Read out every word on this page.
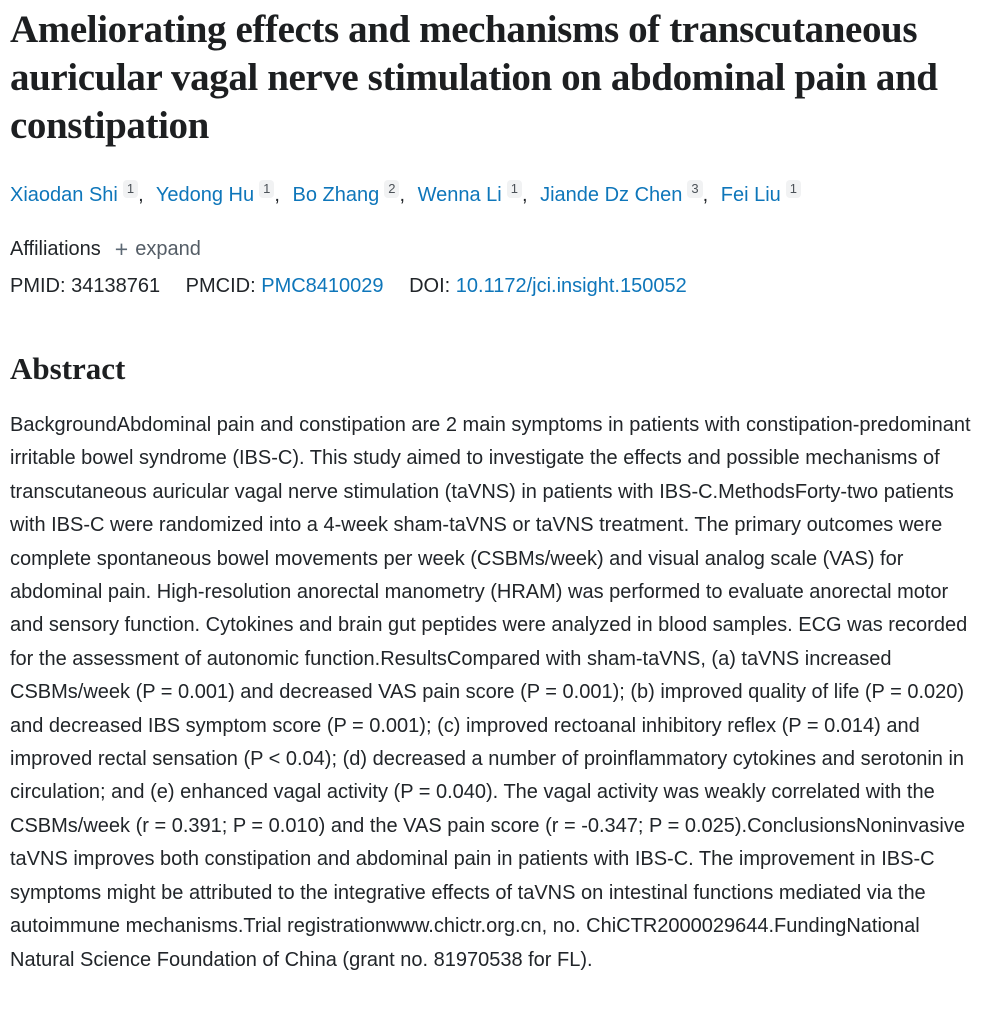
Ameliorating effects and mechanisms of transcutaneous auricular vagal nerve stimulation on abdominal pain and constipation
Xiaodan Shi 1 , Yedong Hu 1 , Bo Zhang 2 , Wenna Li 1 , Jiande Dz Chen 3 , Fei Liu 1
Affiliations + expand
PMID: 34138761 PMCID: PMC8410029 DOI: 10.1172/jci.insight.150052
Abstract

BackgroundAbdominal pain and constipation are 2 main symptoms in patients with constipation-predominant irritable bowel syndrome (IBS-C). This study aimed to investigate the effects and possible mechanisms of transcutaneous auricular vagal nerve stimulation (taVNS) in patients with IBS-C.MethodsForty-two patients with IBS-C were randomized into a 4-week sham-taVNS or taVNS treatment. The primary outcomes were complete spontaneous bowel movements per week (CSBMs/week) and visual analog scale (VAS) for abdominal pain. High-resolution anorectal manometry (HRAM) was performed to evaluate anorectal motor and sensory function. Cytokines and brain gut peptides were analyzed in blood samples. ECG was recorded for the assessment of autonomic function.ResultsCompared with sham-taVNS, (a) taVNS increased CSBMs/week (P = 0.001) and decreased VAS pain score (P = 0.001); (b) improved quality of life (P = 0.020) and decreased IBS symptom score (P = 0.001); (c) improved rectoanal inhibitory reflex (P = 0.014) and improved rectal sensation (P < 0.04); (d) decreased a number of proinflammatory cytokines and serotonin in circulation; and (e) enhanced vagal activity (P = 0.040). The vagal activity was weakly correlated with the CSBMs/week (r = 0.391; P = 0.010) and the VAS pain score (r = -0.347; P = 0.025).ConclusionsNoninvasive taVNS improves both constipation and abdominal pain in patients with IBS-C. The improvement in IBS-C symptoms might be attributed to the integrative effects of taVNS on intestinal functions mediated via the autoimmune mechanisms.Trial registrationwww.chictr.org.cn, no. ChiCTR2000029644.FundingNational Natural Science Foundation of China (grant no. 81970538 for FL).
